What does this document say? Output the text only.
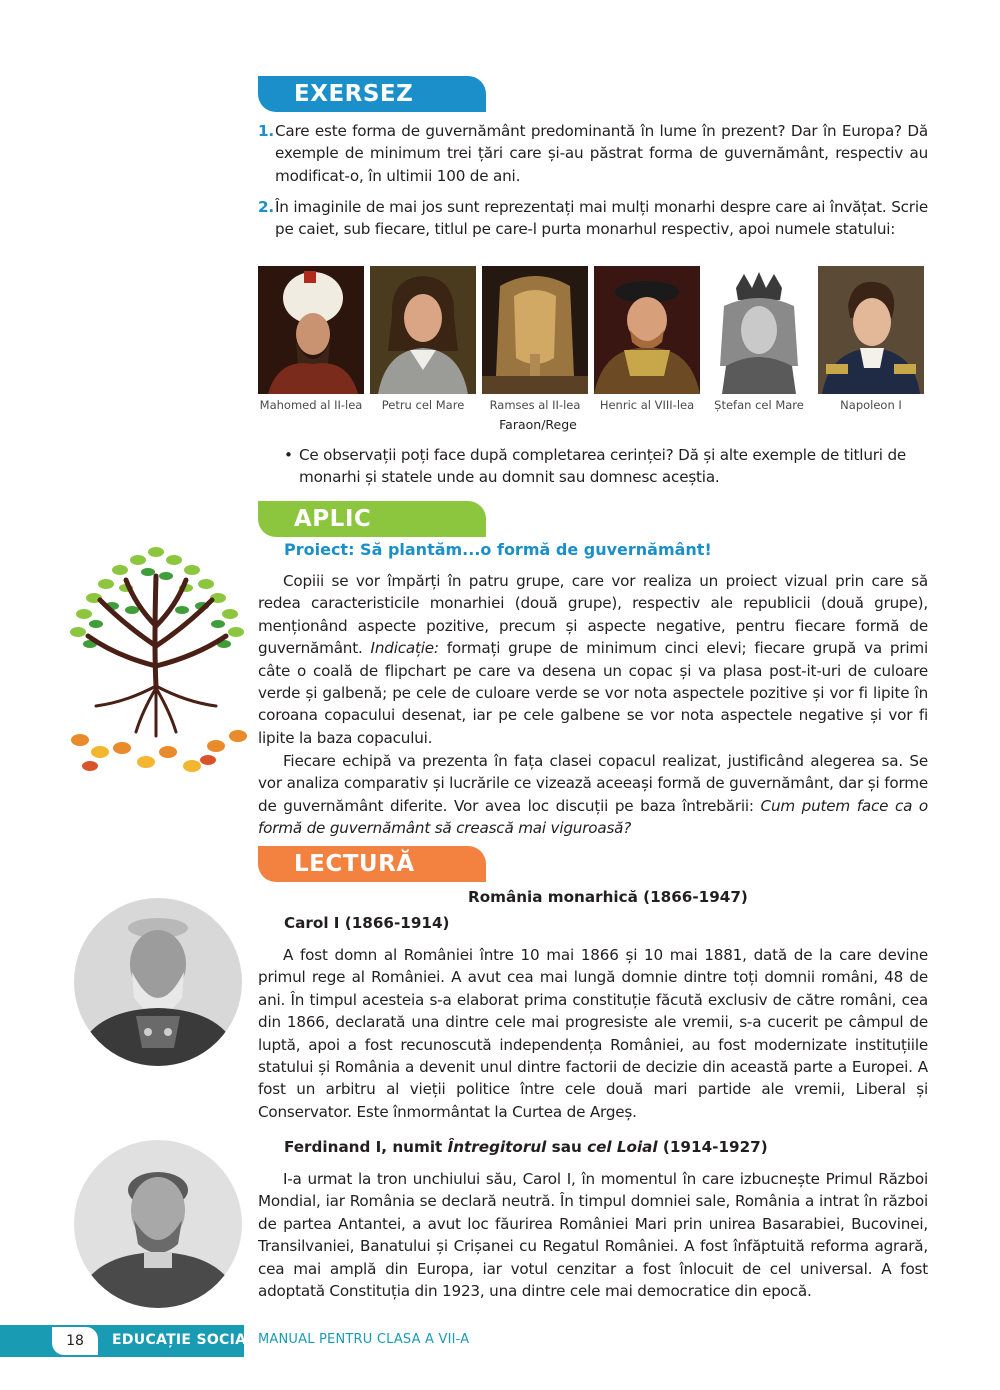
EXERSEZ
1. Care este forma de guvernământ predominantă în lume în prezent? Dar în Europa? Dă exemple de minimum trei țări care și-au păstrat forma de guvernământ, respectiv au modificat-o, în ultimii 100 de ani.
2. În imaginile de mai jos sunt reprezentați mai mulți monarhi despre care ai învățat. Scrie pe caiet, sub fiecare, titlul pe care-l purta monarhul respectiv, apoi numele statului:
Mahomed al II-lea	Petru cel Mare	Ramses al II-lea	Henric al VIII-lea	Ștefan cel Mare	Napoleon I
Faraon/Rege
• Ce observații poți face după completarea cerinței? Dă și alte exemple de titluri de monarhi și statele unde au domnit sau domnesc aceștia.
APLIC
Proiect: Să plantăm...o formă de guvernământ!
Copiii se vor împărți în patru grupe, care vor realiza un proiect vizual prin care să redea caracteristicile monarhiei (două grupe), respectiv ale republicii (două grupe), menționând aspecte pozitive, precum și aspecte negative, pentru fiecare formă de guvernământ. Indicație: formați grupe de minimum cinci elevi; fiecare grupă va primi câte o coală de flipchart pe care va desena un copac și va plasa post-it-uri de culoare verde și galbenă; pe cele de culoare verde se vor nota aspectele pozitive și vor fi lipite în coroana copacului desenat, iar pe cele galbene se vor nota aspectele negative și vor fi lipite la baza copacului.
Fiecare echipă va prezenta în fața clasei copacul realizat, justificând alegerea sa. Se vor analiza comparativ și lucrările ce vizează aceeași formă de guvernământ, dar și forme de guvernământ diferite. Vor avea loc discuții pe baza întrebării: Cum putem face ca o formă de guvernământ să crească mai viguroasă?
LECTURĂ
România monarhică (1866-1947)
Carol I (1866-1914)
A fost domn al României între 10 mai 1866 și 10 mai 1881, dată de la care devine primul rege al României. A avut cea mai lungă domnie dintre toți domnii români, 48 de ani. În timpul acesteia s-a elaborat prima constituție făcută exclusiv de către români, cea din 1866, declarată una dintre cele mai progresiste ale vremii, s-a cucerit pe câmpul de luptă, apoi a fost recunoscută independența României, au fost modernizate instituțiile statului și România a devenit unul dintre factorii de decizie din această parte a Europei. A fost un arbitru al vieții politice între cele două mari partide ale vremii, Liberal și Conservator. Este înmormântat la Curtea de Argeș.
Ferdinand I, numit Întregitorul sau cel Loial (1914-1927)
I-a urmat la tron unchiului său, Carol I, în momentul în care izbucnește Primul Război Mondial, iar România se declară neutră. În timpul domniei sale, România a intrat în război de partea Antantei, a avut loc făurirea României Mari prin unirea Basarabiei, Bucovinei, Transilvaniei, Banatului și Crișanei cu Regatul României. A fost înfăptuită reforma agrară, cea mai amplă din Europa, iar votul cenzitar a fost înlocuit de cel universal. A fost adoptată Constituția din 1923, una dintre cele mai democratice din epocă.
18	EDUCAȚIE SOCIALĂ
MANUAL PENTRU CLASA A VII-A
